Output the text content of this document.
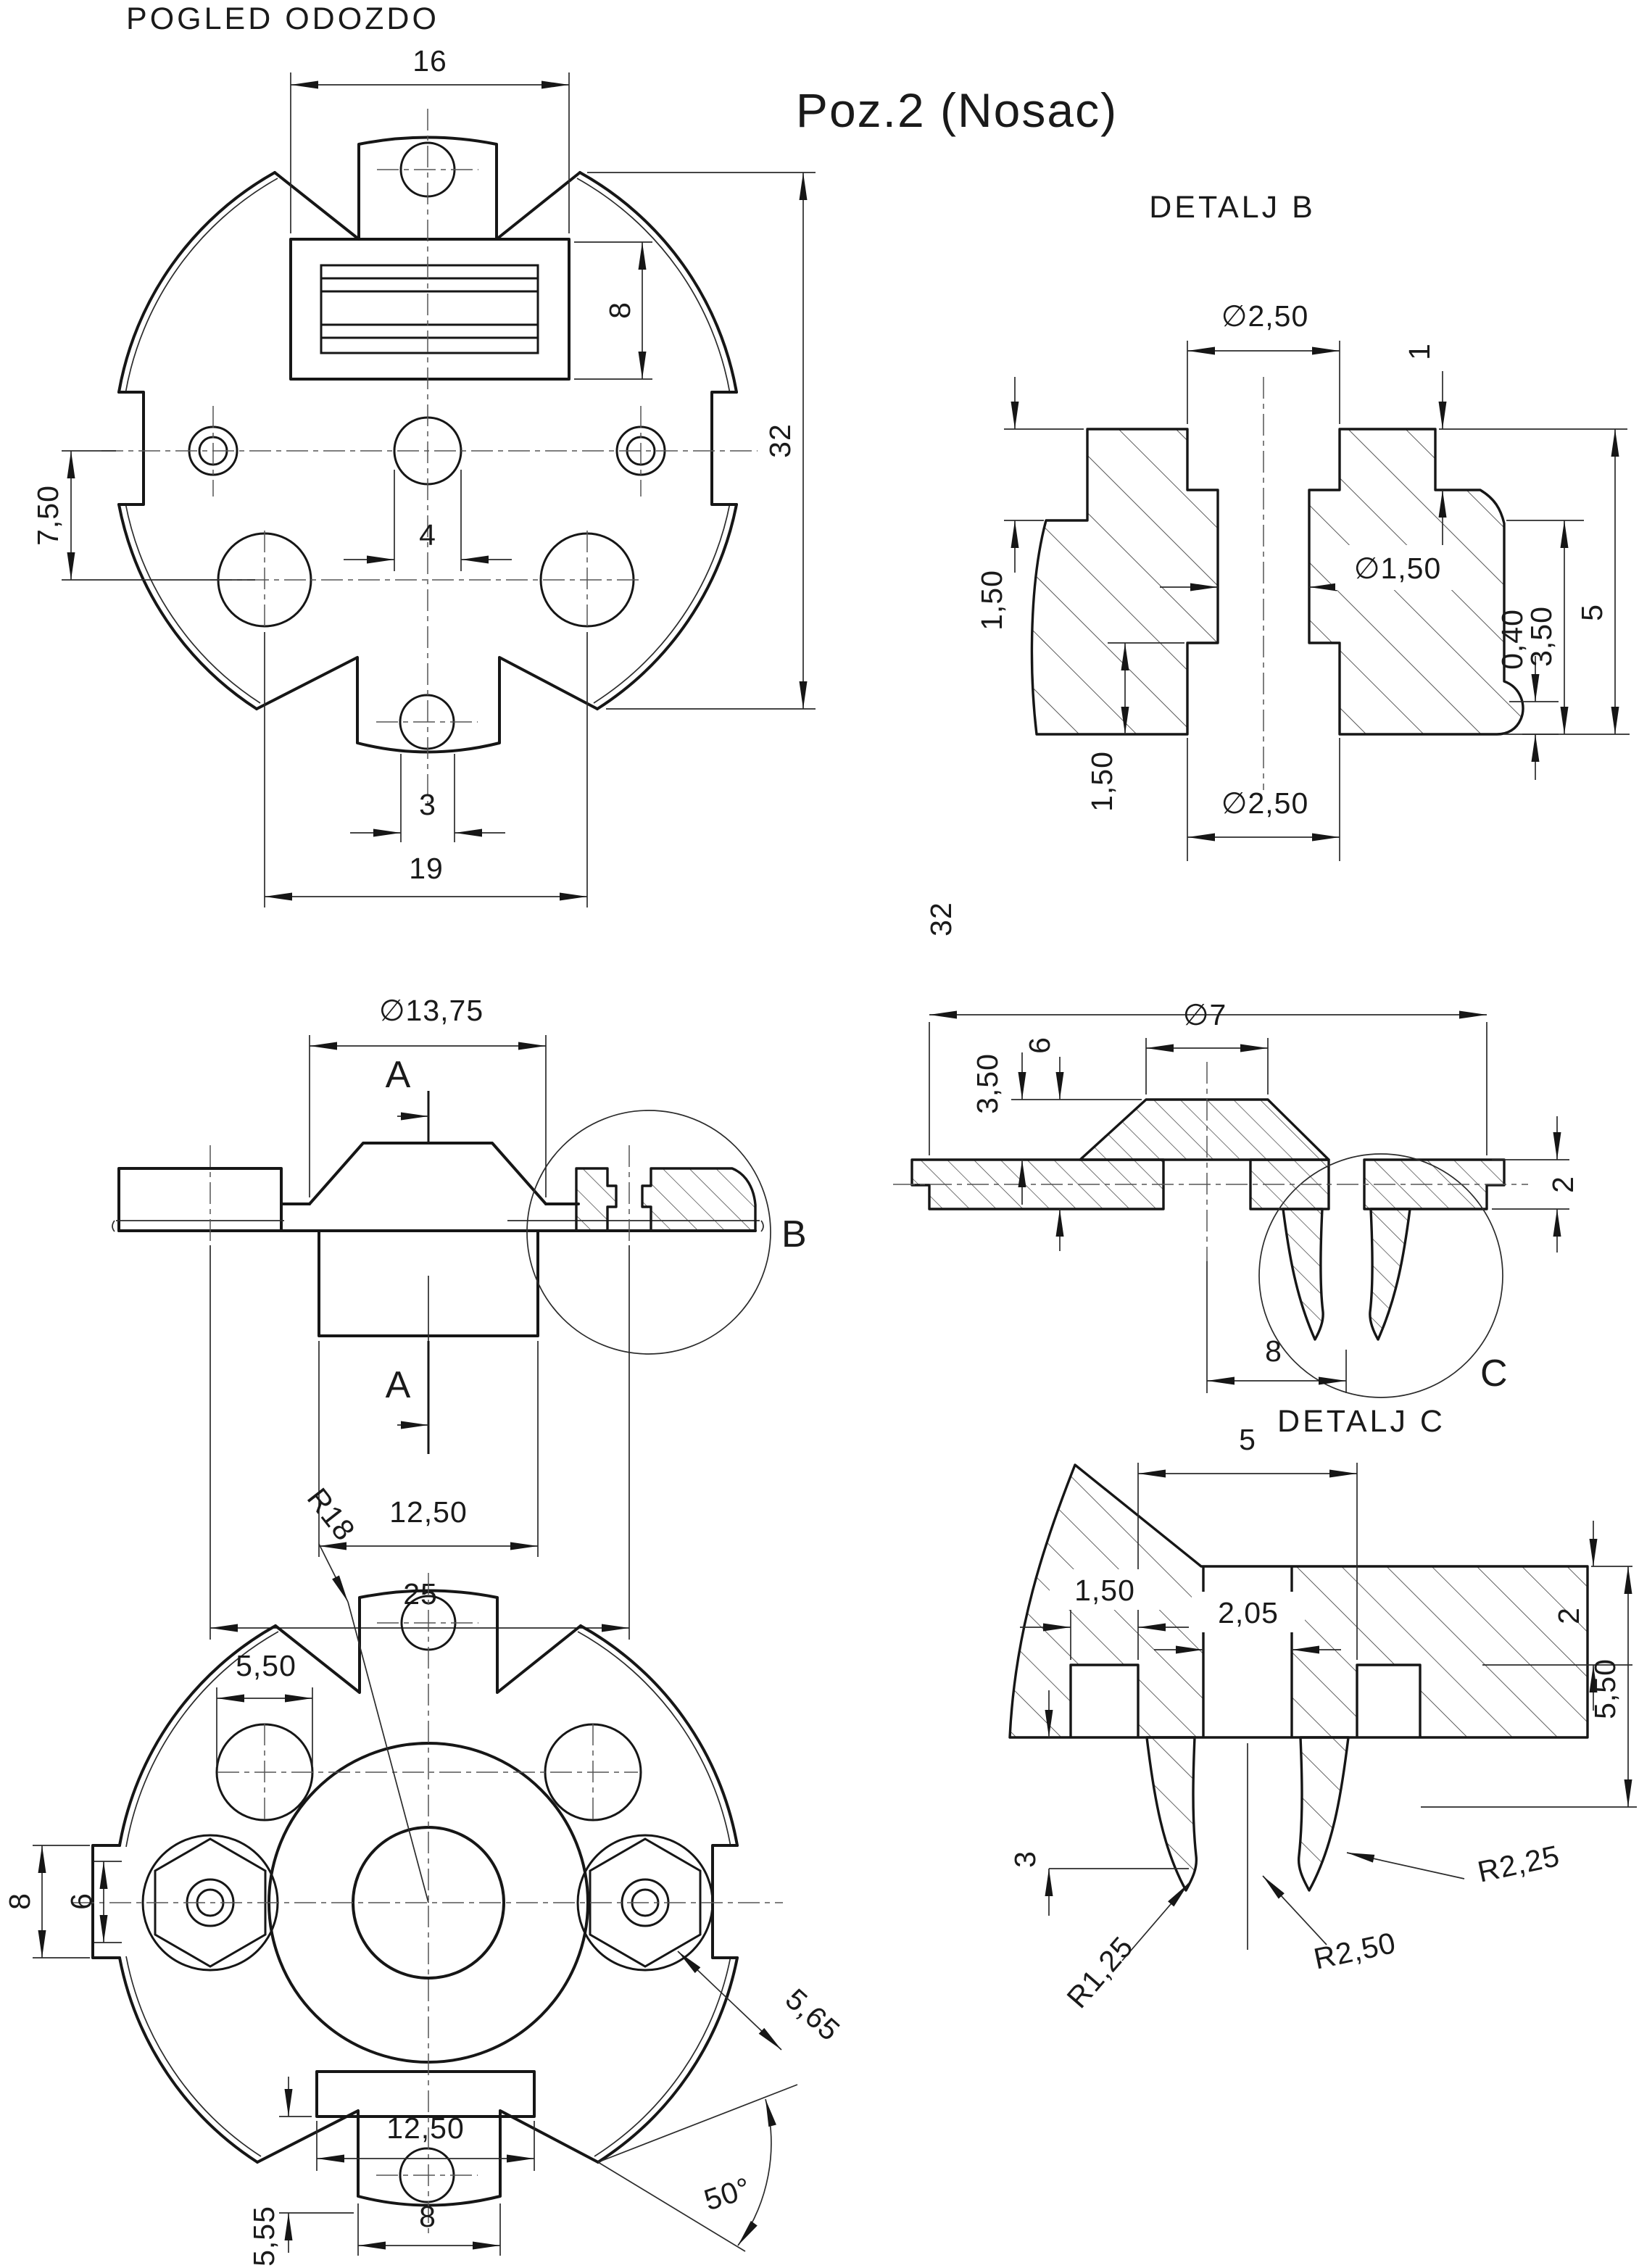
POGLED ODOZDO
Poz.2 (Nosac)
DETALJ B
DETALJ C
16
8
32
7,50	4
3
19
∅2,50
1
1,50
∅1,50
1,50	∅2,50
0,40
3,50 5
B
A
A
∅13,75
12,50
25
C
32
∅7
6
3,50
2
8
R18
5,50
8 6
5,65
12,50
5,55	8	50°
5
1,50
2,05	2
5,50
3
R1,25	R2,50
R2,25
